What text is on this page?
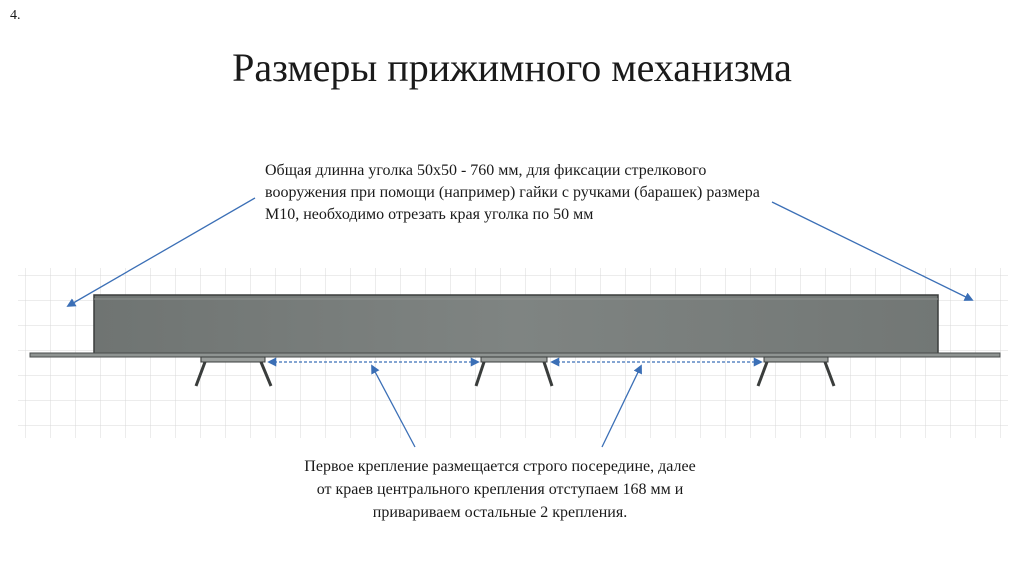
4.
Размеры прижимного механизма
Общая длинна уголка 50х50 - 760 мм, для фиксации стрелкового вооружения при помощи (например) гайки с ручками (барашек) размера М10, необходимо отрезать края уголка по 50 мм
Первое крепление размещается строго посередине, далее от краев центрального крепления отступаем 168 мм и привариваем остальные 2 крепления.
